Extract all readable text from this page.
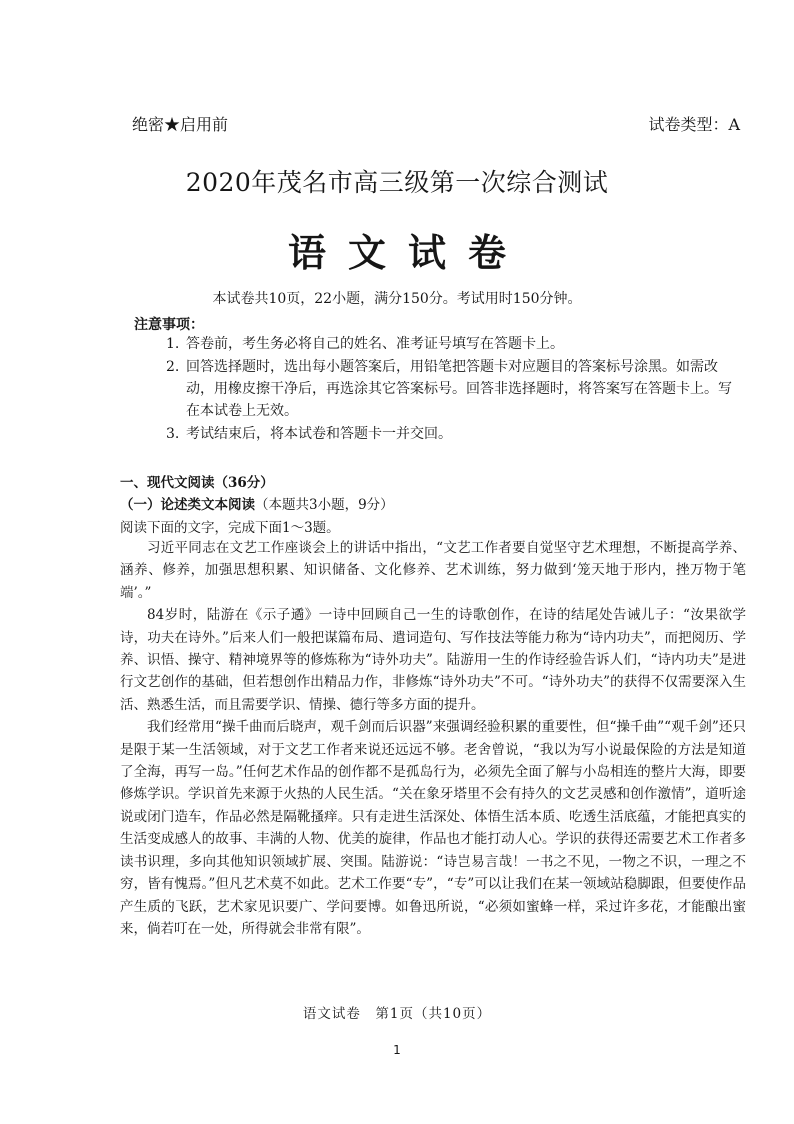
绝密★启用前	试卷类型：A
2020年茂名市高三级第一次综合测试
语文试卷
本试卷共10页，22小题，满分150分。考试用时150分钟。
注意事项：
1. 答卷前，考生务必将自己的姓名、准考证号填写在答题卡上。
2. 回答选择题时，选出每小题答案后，用铅笔把答题卡对应题目的答案标号涂黑。如需改动，用橡皮擦干净后，再选涂其它答案标号。回答非选择题时，将答案写在答题卡上。写在本试卷上无效。
3. 考试结束后，将本试卷和答题卡一并交回。
一、现代文阅读（36分）
（一）论述类文本阅读（本题共3小题，9分）
阅读下面的文字，完成下面1～3题。

习近平同志在文艺工作座谈会上的讲话中指出，“文艺工作者要自觉坚守艺术理想，不断提高学养、涵养、修养，加强思想积累、知识储备、文化修养、艺术训练，努力做到‘笼天地于形内，挫万物于笔端’。”

84岁时，陆游在《示子遹》一诗中回顾自己一生的诗歌创作，在诗的结尾处告诫儿子：“汝果欲学诗，功夫在诗外。”后来人们一般把谋篇布局、遣词造句、写作技法等能力称为“诗内功夫”，而把阅历、学养、识悟、操守、精神境界等的修炼称为“诗外功夫”。陆游用一生的作诗经验告诉人们，“诗内功夫”是进行文艺创作的基础，但若想创作出精品力作，非修炼“诗外功夫”不可。“诗外功夫”的获得不仅需要深入生活、熟悉生活，而且需要学识、情操、德行等多方面的提升。

我们经常用“操千曲而后晓声，观千剑而后识器”来强调经验积累的重要性，但“操千曲”“观千剑”还只是限于某一生活领域，对于文艺工作者来说还远远不够。老舍曾说，“我以为写小说最保险的方法是知道了全海，再写一岛。”任何艺术作品的创作都不是孤岛行为，必须先全面了解与小岛相连的整片大海，即要修炼学识。学识首先来源于火热的人民生活。“关在象牙塔里不会有持久的文艺灵感和创作激情”，道听途说或闭门造车，作品必然是隔靴搔痒。只有走进生活深处、体悟生活本质、吃透生活底蕴，才能把真实的生活变成感人的故事、丰满的人物、优美的旋律，作品也才能打动人心。学识的获得还需要艺术工作者多读书识理，多向其他知识领域扩展、突围。陆游说：“诗岂易言哉！一书之不见，一物之不识，一理之不穷，皆有愧焉。”但凡艺术莫不如此。艺术工作要“专”，“专”可以让我们在某一领域站稳脚跟，但要使作品产生质的飞跃，艺术家见识要广、学问要博。如鲁迅所说，“必须如蜜蜂一样，采过许多花，才能酿出蜜来，倘若叮在一处，所得就会非常有限”。

语文试卷　第1页（共10页）
1
